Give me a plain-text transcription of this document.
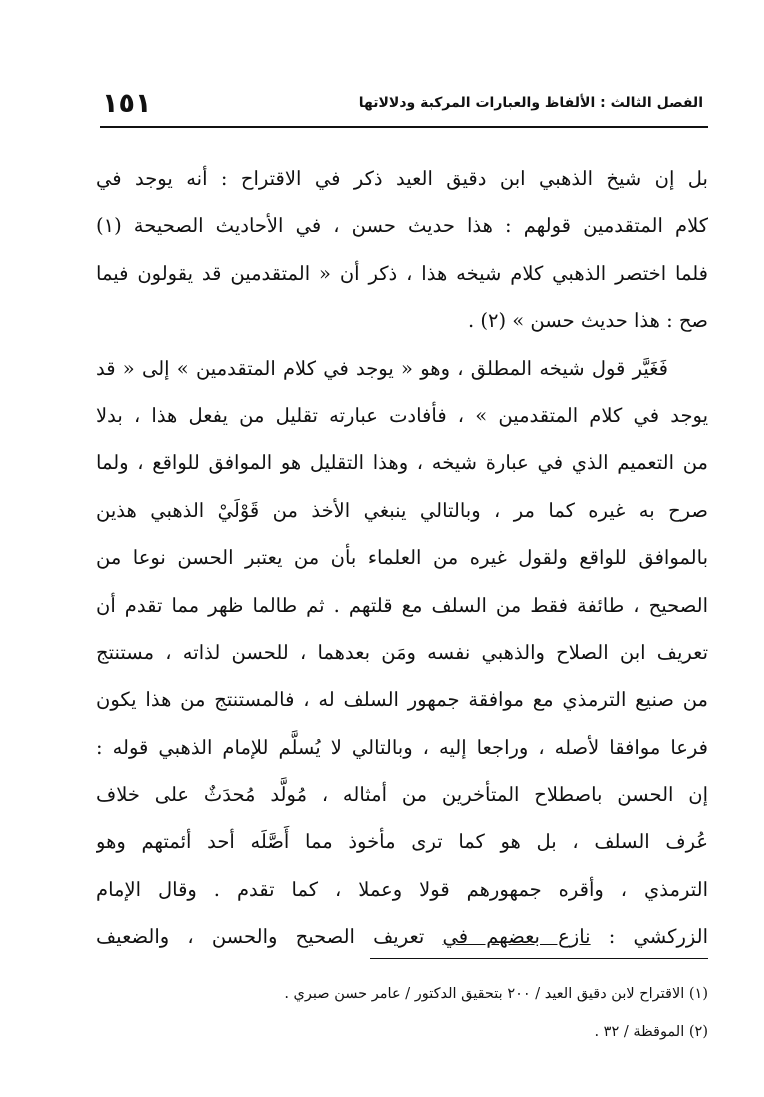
١٥١	الفصل الثالث : الألفاظ والعبارات المركبة ودلالاتها
بل إن شيخ الذهبي ابن دقيق العيد ذكر في الاقتراح : أنه يوجد في
كلام المتقدمين قولهم : هذا حديث حسن ، في الأحاديث الصحيحة (١)
فلما اختصر الذهبي كلام شيخه هذا ، ذكر أن « المتقدمين قد يقولون فيما
صح : هذا حديث حسن » (٢) .
فَغَيَّر قول شيخه المطلق ، وهو « يوجد في كلام المتقدمين » إلى « قد
يوجد في كلام المتقدمين » ، فأفادت عبارته تقليل من يفعل هذا ، بدلا
من التعميم الذي في عبارة شيخه ، وهذا التقليل هو الموافق للواقع ، ولما
صرح به غيره كما مر ، وبالتالي ينبغي الأخذ من قَوْلَيْ الذهبي هذين
بالموافق للواقع ولقول غيره من العلماء بأن من يعتبر الحسن نوعا من
الصحيح ، طائفة فقط من السلف مع قلتهم . ثم طالما ظهر مما تقدم أن
تعريف ابن الصلاح والذهبي نفسه ومَن بعدهما ، للحسن لذاته ، مستنتج
من صنيع الترمذي مع موافقة جمهور السلف له ، فالمستنتج من هذا يكون
فرعا موافقا لأصله ، وراجعا إليه ، وبالتالي لا يُسلَّم للإمام الذهبي قوله :
إن الحسن باصطلاح المتأخرين من أمثاله ، مُولَّد مُحدَثٌ على خلاف
عُرف السلف ، بل هو كما ترى مأخوذ مما أَصَّلَه أحد أئمتهم وهو
الترمذي ، وأقره جمهورهم قولا وعملا ، كما تقدم . وقال الإمام
الزركشي : نازع بعضهم في تعريف الصحيح والحسن ، والضعيف
(١) الاقتراح لابن دقيق العيد / ٢٠٠ بتحقيق الدكتور / عامر حسن صبري .
(٢) الموقظة / ٣٢ .
